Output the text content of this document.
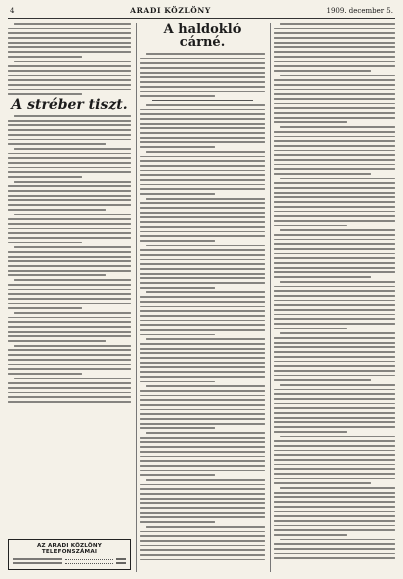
4	ARADI KÖZLÖNY	1909. december 5.
A stréber tiszt.
AZ ARADI KÖZLÖNY TELEFONSZÁMAI
A haldokló cárné.
